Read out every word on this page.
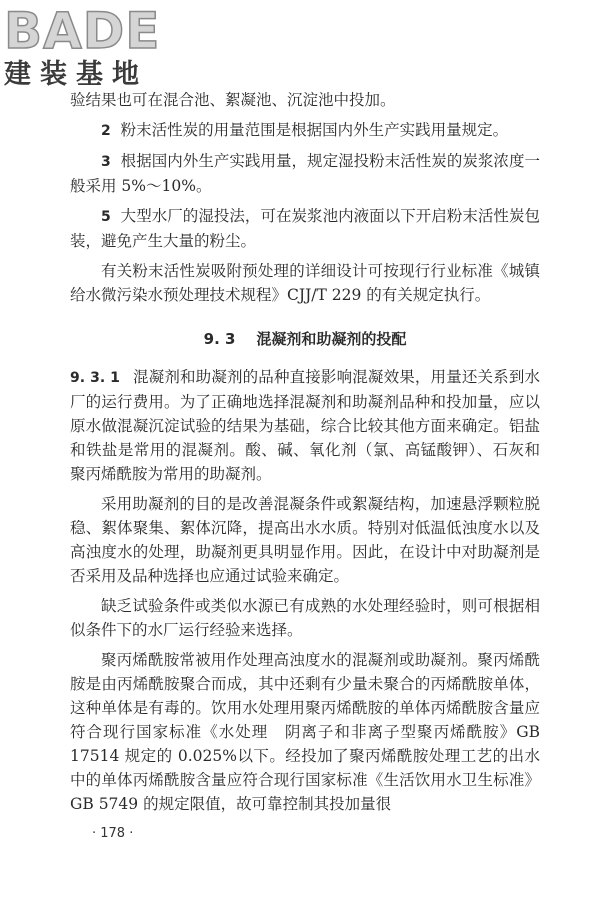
BADE
建装基地

验结果也可在混合池、絮凝池、沉淀池中投加。

2 粉末活性炭的用量范围是根据国内外生产实践用量规定。

3 根据国内外生产实践用量，规定湿投粉末活性炭的炭浆浓度一般采用 5%～10%。

5 大型水厂的湿投法，可在炭浆池内液面以下开启粉末活性炭包装，避免产生大量的粉尘。

有关粉末活性炭吸附预处理的详细设计可按现行行业标准《城镇给水微污染水预处理技术规程》CJJ/T 229 的有关规定执行。

9. 3 混凝剂和助凝剂的投配

9. 3. 1 混凝剂和助凝剂的品种直接影响混凝效果，用量还关系到水厂的运行费用。为了正确地选择混凝剂和助凝剂品种和投加量，应以原水做混凝沉淀试验的结果为基础，综合比较其他方面来确定。铝盐和铁盐是常用的混凝剂。酸、碱、氧化剂（氯、高锰酸钾）、石灰和聚丙烯酰胺为常用的助凝剂。

采用助凝剂的目的是改善混凝条件或絮凝结构，加速悬浮颗粒脱稳、絮体聚集、絮体沉降，提高出水水质。特别对低温低浊度水以及高浊度水的处理，助凝剂更具明显作用。因此，在设计中对助凝剂是否采用及品种选择也应通过试验来确定。

缺乏试验条件或类似水源已有成熟的水处理经验时，则可根据相似条件下的水厂运行经验来选择。

聚丙烯酰胺常被用作处理高浊度水的混凝剂或助凝剂。聚丙烯酰胺是由丙烯酰胺聚合而成，其中还剩有少量未聚合的丙烯酰胺单体，这种单体是有毒的。饮用水处理用聚丙烯酰胺的单体丙烯酰胺含量应符合现行国家标准《水处理　阴离子和非离子型聚丙烯酰胺》GB 17514 规定的 0.025%以下。经投加了聚丙烯酰胺处理工艺的出水中的单体丙烯酰胺含量应符合现行国家标准《生活饮用水卫生标准》GB 5749 的规定限值，故可靠控制其投加量很

· 178 ·
